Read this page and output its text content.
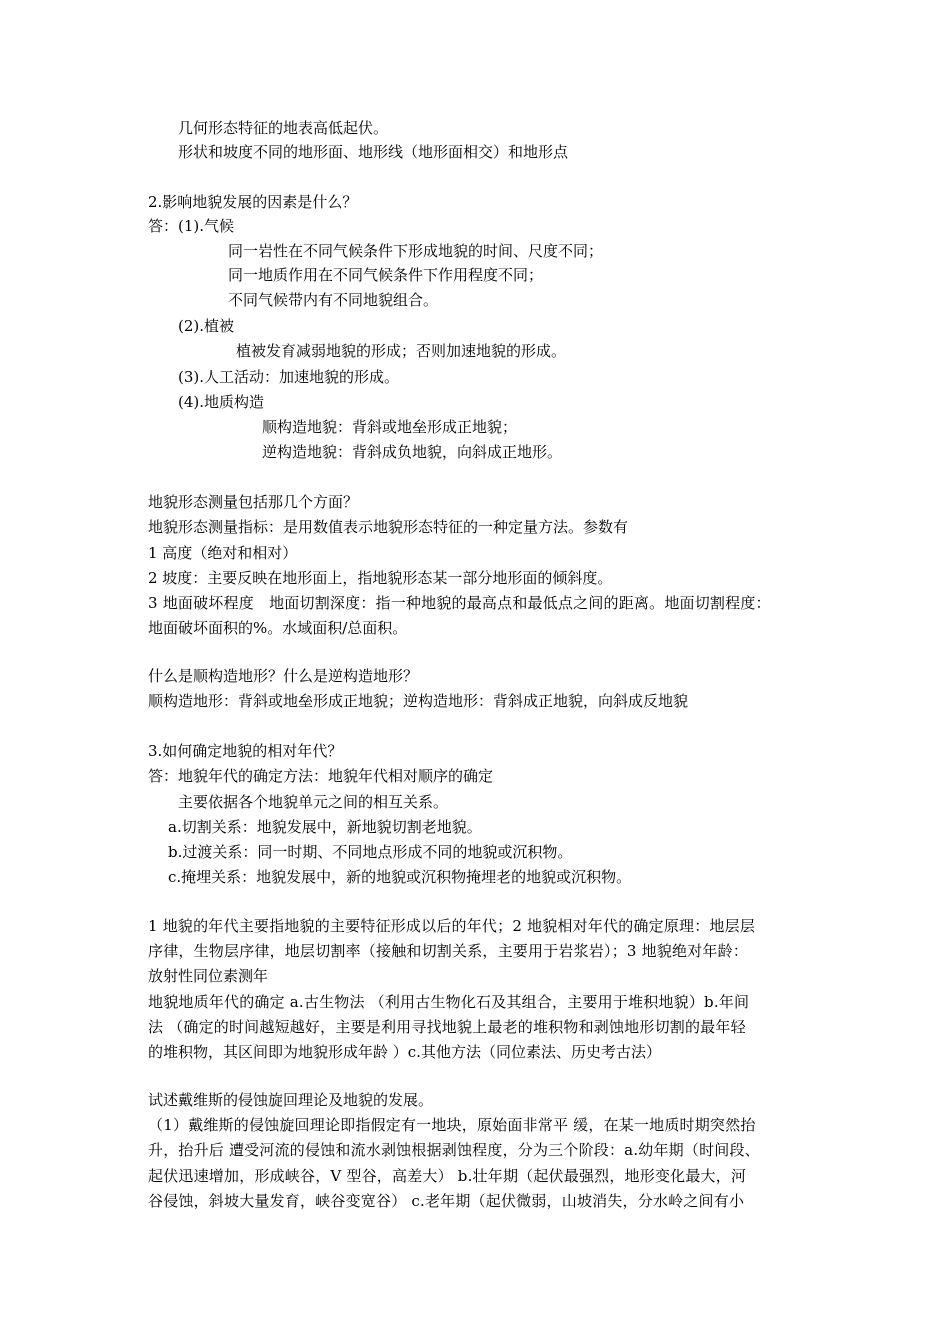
几何形态特征的地表高低起伏。
形状和坡度不同的地形面、地形线（地形面相交）和地形点
2.影响地貌发展的因素是什么？
答：(1).气候
同一岩性在不同气候条件下形成地貌的时间、尺度不同；
同一地质作用在不同气候条件下作用程度不同；
不同气候带内有不同地貌组合。
(2).植被
植被发育减弱地貌的形成；否则加速地貌的形成。
(3).人工活动：加速地貌的形成。
(4).地质构造
顺构造地貌：背斜或地垒形成正地貌；
逆构造地貌：背斜成负地貌，向斜成正地形。
地貌形态测量包括那几个方面？
地貌形态测量指标：是用数值表示地貌形态特征的一种定量方法。参数有
1 高度（绝对和相对）
2 坡度：主要反映在地形面上，指地貌形态某一部分地形面的倾斜度。
3 地面破坏程度　地面切割深度：指一种地貌的最高点和最低点之间的距离。地面切割程度：
地面破坏面积的%。水域面积/总面积。
什么是顺构造地形？什么是逆构造地形？
顺构造地形：背斜或地垒形成正地貌；逆构造地形：背斜成正地貌，向斜成反地貌
3.如何确定地貌的相对年代？
答：地貌年代的确定方法：地貌年代相对顺序的确定
主要依据各个地貌单元之间的相互关系。
a.切割关系：地貌发展中，新地貌切割老地貌。
b.过渡关系：同一时期、不同地点形成不同的地貌或沉积物。
c.掩埋关系：地貌发展中，新的地貌或沉积物掩埋老的地貌或沉积物。
1 地貌的年代主要指地貌的主要特征形成以后的年代；2 地貌相对年代的确定原理：地层层
序律，生物层序律，地层切割率（接触和切割关系，主要用于岩浆岩）；3 地貌绝对年龄：
放射性同位素测年
地貌地质年代的确定 a.古生物法 （利用古生物化石及其组合，主要用于堆积地貌）b.年间
法 （确定的时间越短越好，主要是利用寻找地貌上最老的堆积物和剥蚀地形切割的最年轻
的堆积物，其区间即为地貌形成年龄 ）c.其他方法（同位素法、历史考古法）
试述戴维斯的侵蚀旋回理论及地貌的发展。
（1）戴维斯的侵蚀旋回理论即指假定有一地块，原始面非常平 缓，在某一地质时期突然抬
升，抬升后 遭受河流的侵蚀和流水剥蚀根据剥蚀程度，分为三个阶段：a.幼年期（时间段、
起伏迅速增加，形成峡谷，V 型谷，高差大） b.壮年期（起伏最强烈，地形变化最大，河
谷侵蚀，斜坡大量发育，峡谷变宽谷） c.老年期（起伏微弱，山坡消失，分水岭之间有小
